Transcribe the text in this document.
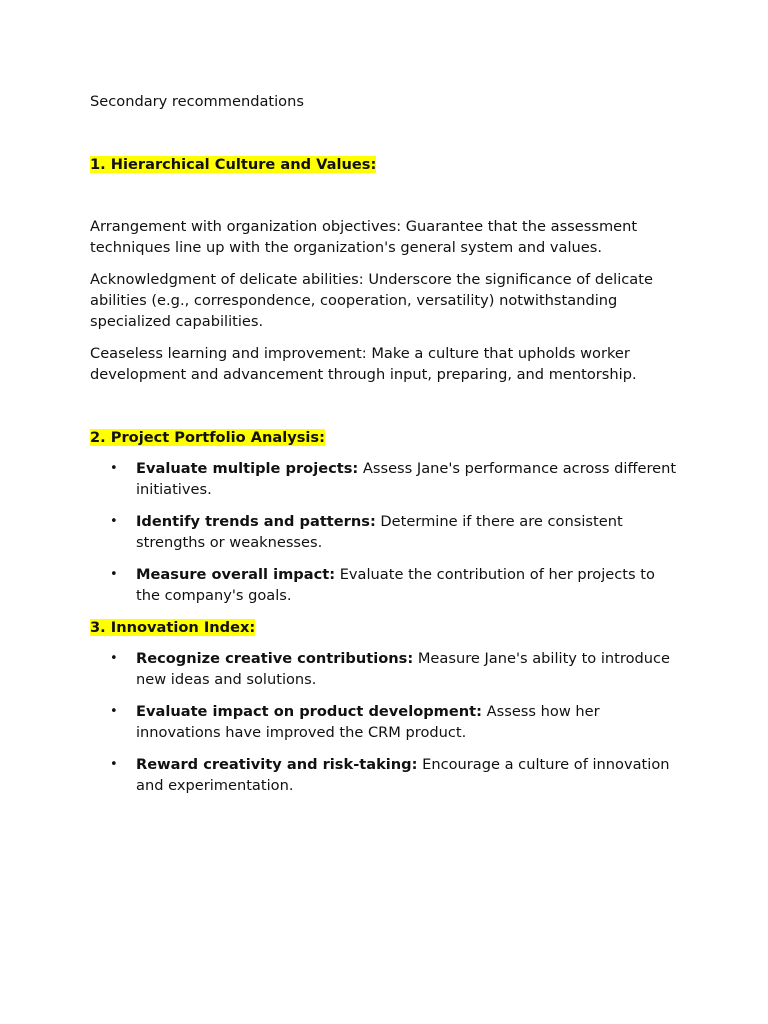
Secondary recommendations

1. Hierarchical Culture and Values:

Arrangement with organization objectives: Guarantee that the assessment techniques line up with the organization's general system and values.

Acknowledgment of delicate abilities: Underscore the significance of delicate abilities (e.g., correspondence, cooperation, versatility) notwithstanding specialized capabilities.

Ceaseless learning and improvement: Make a culture that upholds worker development and advancement through input, preparing, and mentorship.

2. Project Portfolio Analysis:

• Evaluate multiple projects: Assess Jane's performance across different initiatives.
• Identify trends and patterns: Determine if there are consistent strengths or weaknesses.
• Measure overall impact: Evaluate the contribution of her projects to the company's goals.

3. Innovation Index:

• Recognize creative contributions: Measure Jane's ability to introduce new ideas and solutions.
• Evaluate impact on product development: Assess how her innovations have improved the CRM product.
• Reward creativity and risk-taking: Encourage a culture of innovation and experimentation.
